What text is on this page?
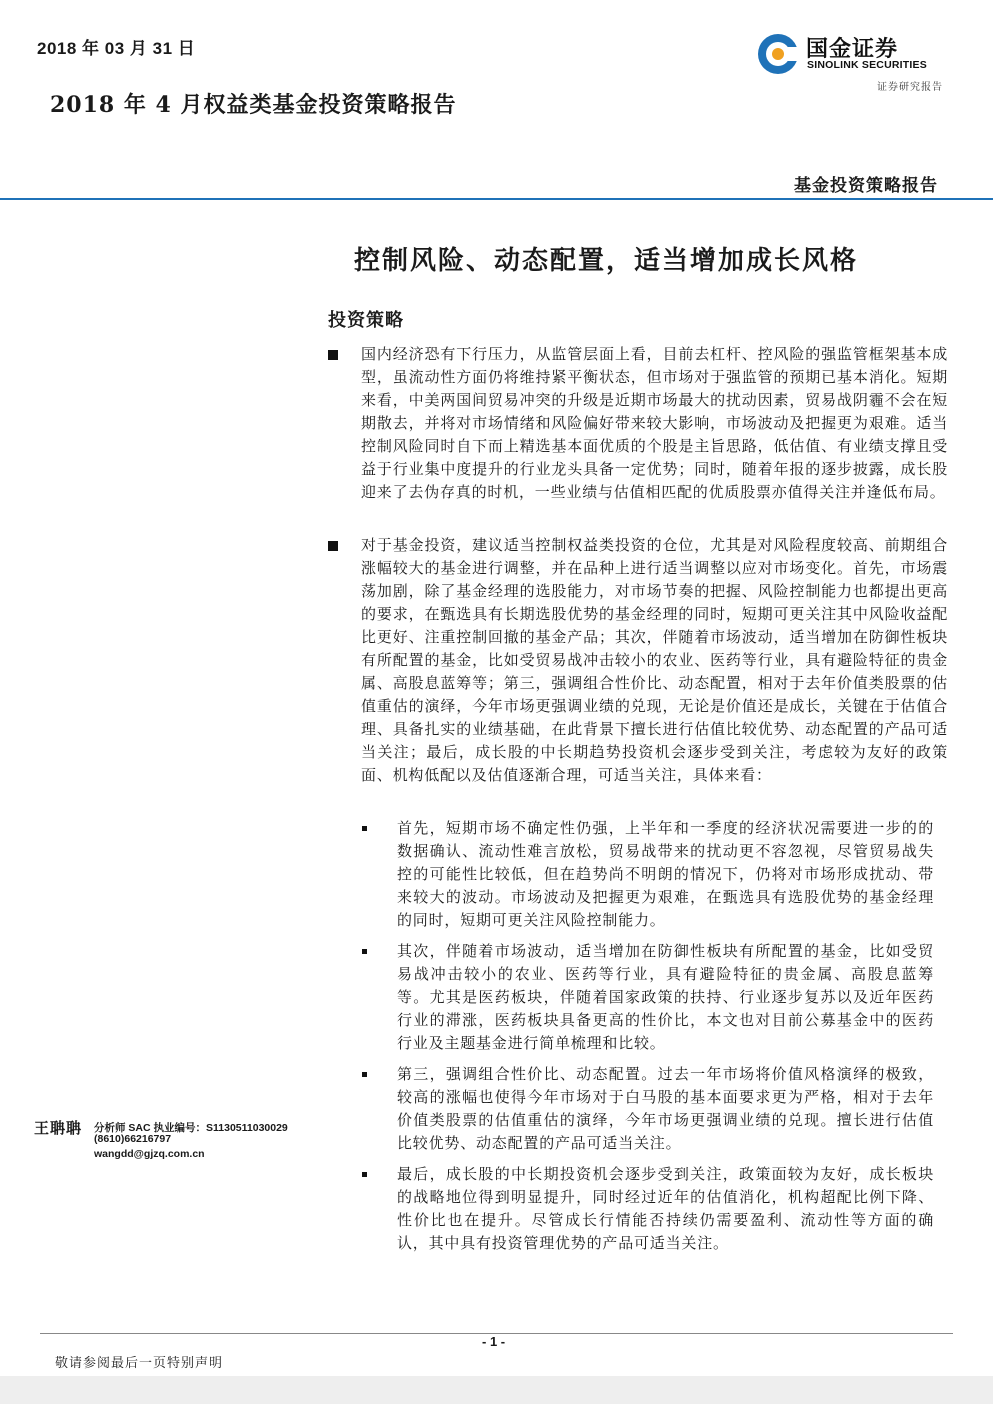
2018 年 03 月 31 日
2018 年 4 月权益类基金投资策略报告
国金证券
SINOLINK SECURITIES
证券研究报告
基金投资策略报告
控制风险、动态配置，适当增加成长风格
投资策略
国内经济恐有下行压力，从监管层面上看，目前去杠杆、控风险的强监管框架基本成型，虽流动性方面仍将维持紧平衡状态，但市场对于强监管的预期已基本消化。短期来看，中美两国间贸易冲突的升级是近期市场最大的扰动因素，贸易战阴霾不会在短期散去，并将对市场情绪和风险偏好带来较大影响，市场波动及把握更为艰难。适当控制风险同时自下而上精选基本面优质的个股是主旨思路，低估值、有业绩支撑且受益于行业集中度提升的行业龙头具备一定优势；同时，随着年报的逐步披露，成长股迎来了去伪存真的时机，一些业绩与估值相匹配的优质股票亦值得关注并逢低布局。
对于基金投资，建议适当控制权益类投资的仓位，尤其是对风险程度较高、前期组合涨幅较大的基金进行调整，并在品种上进行适当调整以应对市场变化。首先，市场震荡加剧，除了基金经理的选股能力，对市场节奏的把握、风险控制能力也都提出更高的要求，在甄选具有长期选股优势的基金经理的同时，短期可更关注其中风险收益配比更好、注重控制回撤的基金产品；其次，伴随着市场波动，适当增加在防御性板块有所配置的基金，比如受贸易战冲击较小的农业、医药等行业，具有避险特征的贵金属、高股息蓝筹等；第三，强调组合性价比、动态配置，相对于去年价值类股票的估值重估的演绎，今年市场更强调业绩的兑现，无论是价值还是成长，关键在于估值合理、具备扎实的业绩基础，在此背景下擅长进行估值比较优势、动态配置的产品可适当关注；最后，成长股的中长期趋势投资机会逐步受到关注，考虑较为友好的政策面、机构低配以及估值逐渐合理，可适当关注，具体来看：
首先，短期市场不确定性仍强，上半年和一季度的经济状况需要进一步的的数据确认、流动性难言放松，贸易战带来的扰动更不容忽视，尽管贸易战失控的可能性比较低，但在趋势尚不明朗的情况下，仍将对市场形成扰动、带来较大的波动。市场波动及把握更为艰难，在甄选具有选股优势的基金经理的同时，短期可更关注风险控制能力。
其次，伴随着市场波动，适当增加在防御性板块有所配置的基金，比如受贸易战冲击较小的农业、医药等行业，具有避险特征的贵金属、高股息蓝筹等。尤其是医药板块，伴随着国家政策的扶持、行业逐步复苏以及近年医药行业的滞涨，医药板块具备更高的性价比，本文也对目前公募基金中的医药行业及主题基金进行简单梳理和比较。
第三，强调组合性价比、动态配置。过去一年市场将价值风格演绎的极致，较高的涨幅也使得今年市场对于白马股的基本面要求更为严格，相对于去年价值类股票的估值重估的演绎，今年市场更强调业绩的兑现。擅长进行估值比较优势、动态配置的产品可适当关注。
最后，成长股的中长期投资机会逐步受到关注，政策面较为友好，成长板块的战略地位得到明显提升，同时经过近年的估值消化，机构超配比例下降、性价比也在提升。尽管成长行情能否持续仍需要盈利、流动性等方面的确认，其中具有投资管理优势的产品可适当关注。
王聃聃 分析师 SAC 执业编号：S1130511030029
(8610)66216797
wangdd@gjzq.com.cn
- 1 -
敬请参阅最后一页特别声明
